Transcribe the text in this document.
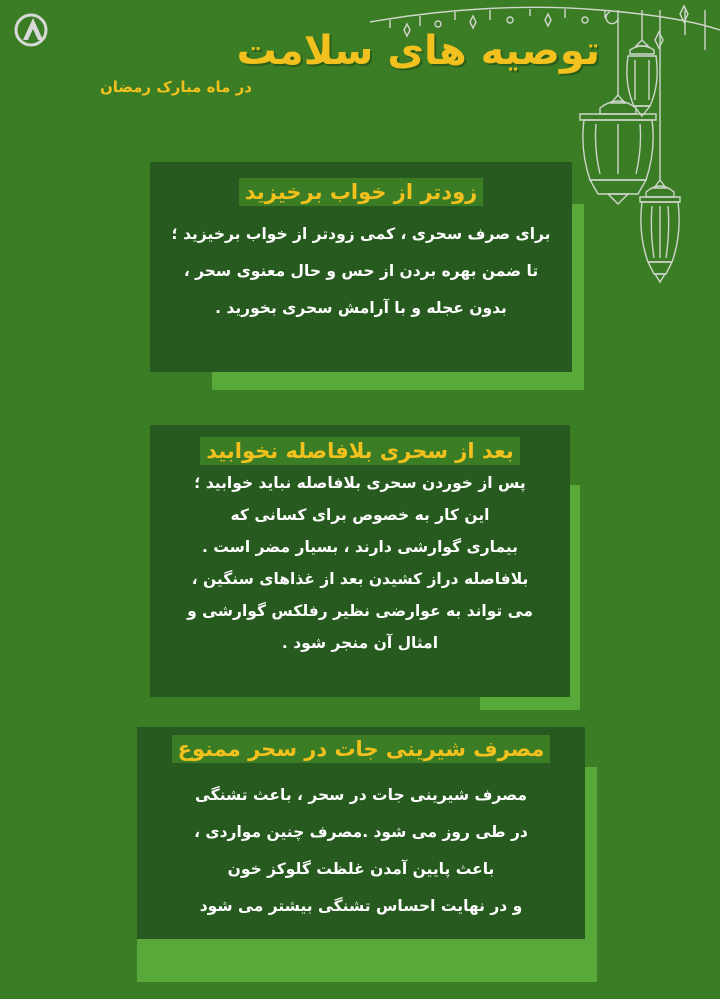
توصیه های سلامت
در ماه مبارک رمضان
زودتر از خواب برخیزید

برای صرف سحری ، کمی زودتر از خواب برخیزید ؛

تا ضمن بهره بردن از حس و حال معنوی سحر ،

بدون عجله و با آرامش سحری بخورید .

بعد از سحری بلافاصله نخوابید

پس از خوردن سحری بلافاصله نباید خوابید ؛

این کار به خصوص برای کسانی که

بیماری گوارشی دارند ، بسیار مضر است .

بلافاصله دراز کشیدن بعد از غذاهای سنگین ،

می تواند به عوارضی نظیر رفلکس گوارشی و

امثال آن منجر شود .

مصرف شیرینی جات در سحر ممنوع

مصرف شیرینی جات در سحر ، باعث تشنگی

در طی روز می شود .مصرف چنین مواردی ،

باعث پایین آمدن غلظت گلوکز خون

و در نهایت احساس تشنگی بیشتر می شود
